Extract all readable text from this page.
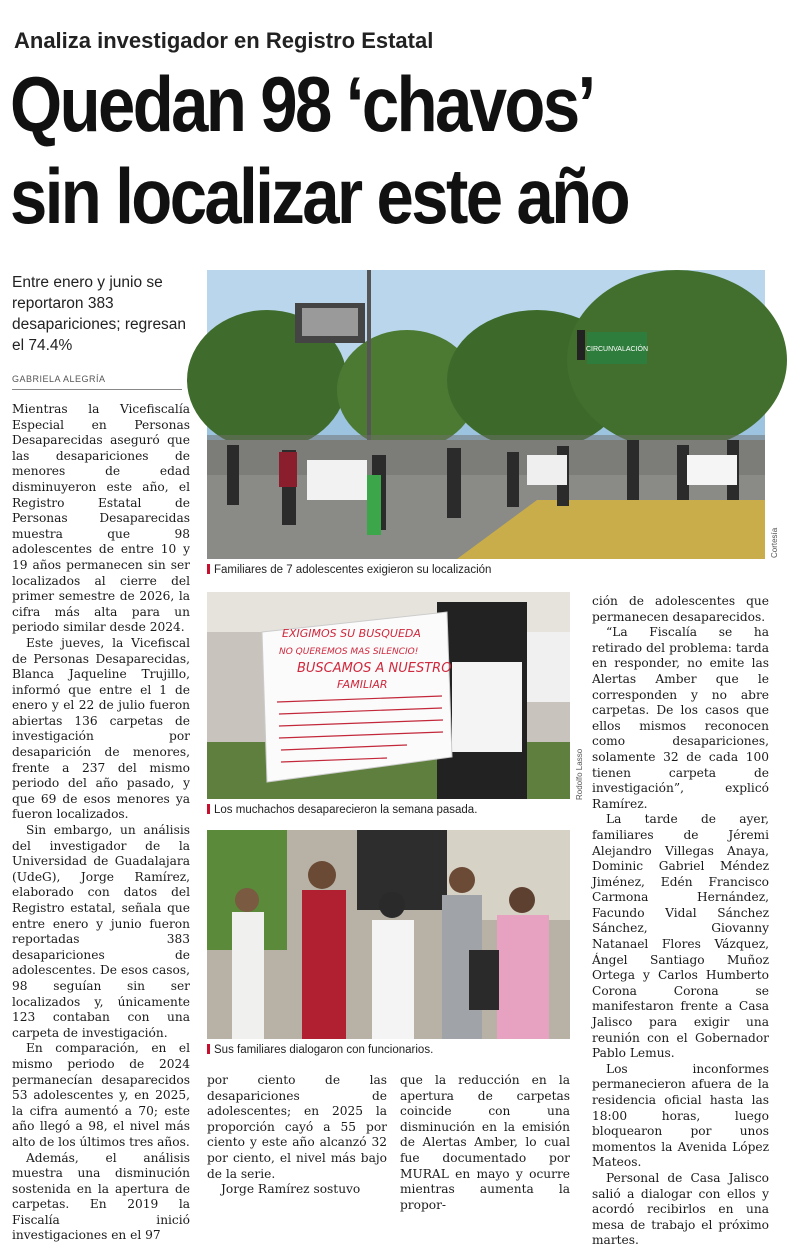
Analiza investigador en Registro Estatal
Quedan 98 ‘chavos’
sin localizar este año
Entre enero y junio se reportaron 383 desapariciones; regresan el 74.4%
GABRIELA ALEGRÍA

Mientras la Vicefiscalía Especial en Personas Desaparecidas aseguró que las desapariciones de menores de edad disminuyeron este año, el Registro Estatal de Personas Desaparecidas muestra que 98 adolescentes de entre 10 y 19 años permanecen sin ser localizados al cierre del primer semestre de 2026, la cifra más alta para un periodo similar desde 2024.

Este jueves, la Vicefiscal de Personas Desaparecidas, Blanca Jaqueline Trujillo, informó que entre el 1 de enero y el 22 de julio fueron abiertas 136 carpetas de investigación por desaparición de menores, frente a 237 del mismo periodo del año pasado, y que 69 de esos menores ya fueron localizados.

Sin embargo, un análisis del investigador de la Universidad de Guadalajara (UdeG), Jorge Ramírez, elaborado con datos del Registro estatal, señala que entre enero y junio fueron reportadas 383 desapariciones de adolescentes. De esos casos, 98 seguían sin ser localizados y, únicamente 123 contaban con una carpeta de investigación.

En comparación, en el mismo periodo de 2024 permanecían desaparecidos 53 adolescentes y, en 2025, la cifra aumentó a 70; este año llegó a 98, el nivel más alto de los últimos tres años.

Además, el análisis muestra una disminución sostenida en la apertura de carpetas. En 2019 la Fiscalía inició investigaciones en el 97

CIRCUNVALACIÓN
Familiares de 7 adolescentes exigieron su localización
Cortesía
EXIGIMOS SU BUSQUEDA
NO QUEREMOS MAS SILENCIO!
BUSCAMOS A NUESTRO
FAMILIAR
Los muchachos desaparecieron la semana pasada.
Rodolfo Lasso
Sus familiares dialogaron con funcionarios.

por ciento de las desapariciones de adolescentes; en 2025 la proporción cayó a 55 por ciento y este año alcanzó 32 por ciento, el nivel más bajo de la serie.

Jorge Ramírez sostuvo

que la reducción en la apertura de carpetas coincide con una disminución en la emisión de Alertas Amber, lo cual fue documentado por MURAL en mayo y ocurre mientras aumenta la propor-

ción de adolescentes que permanecen desaparecidos.

“La Fiscalía se ha retirado del problema: tarda en responder, no emite las Alertas Amber que le corresponden y no abre carpetas. De los casos que ellos mismos reconocen como desapariciones, solamente 32 de cada 100 tienen carpeta de investigación”, explicó Ramírez.

La tarde de ayer, familiares de Jéremi Alejandro Villegas Anaya, Dominic Gabriel Méndez Jiménez, Edén Francisco Carmona Hernández, Facundo Vidal Sánchez Sánchez, Giovanny Natanael Flores Vázquez, Ángel Santiago Muñoz Ortega y Carlos Humberto Corona Corona se manifestaron frente a Casa Jalisco para exigir una reunión con el Gobernador Pablo Lemus.

Los inconformes permanecieron afuera de la residencia oficial hasta las 18:00 horas, luego bloquearon por unos momentos la Avenida López Mateos.

Personal de Casa Jalisco salió a dialogar con ellos y acordó recibirlos en una mesa de trabajo el próximo martes.
